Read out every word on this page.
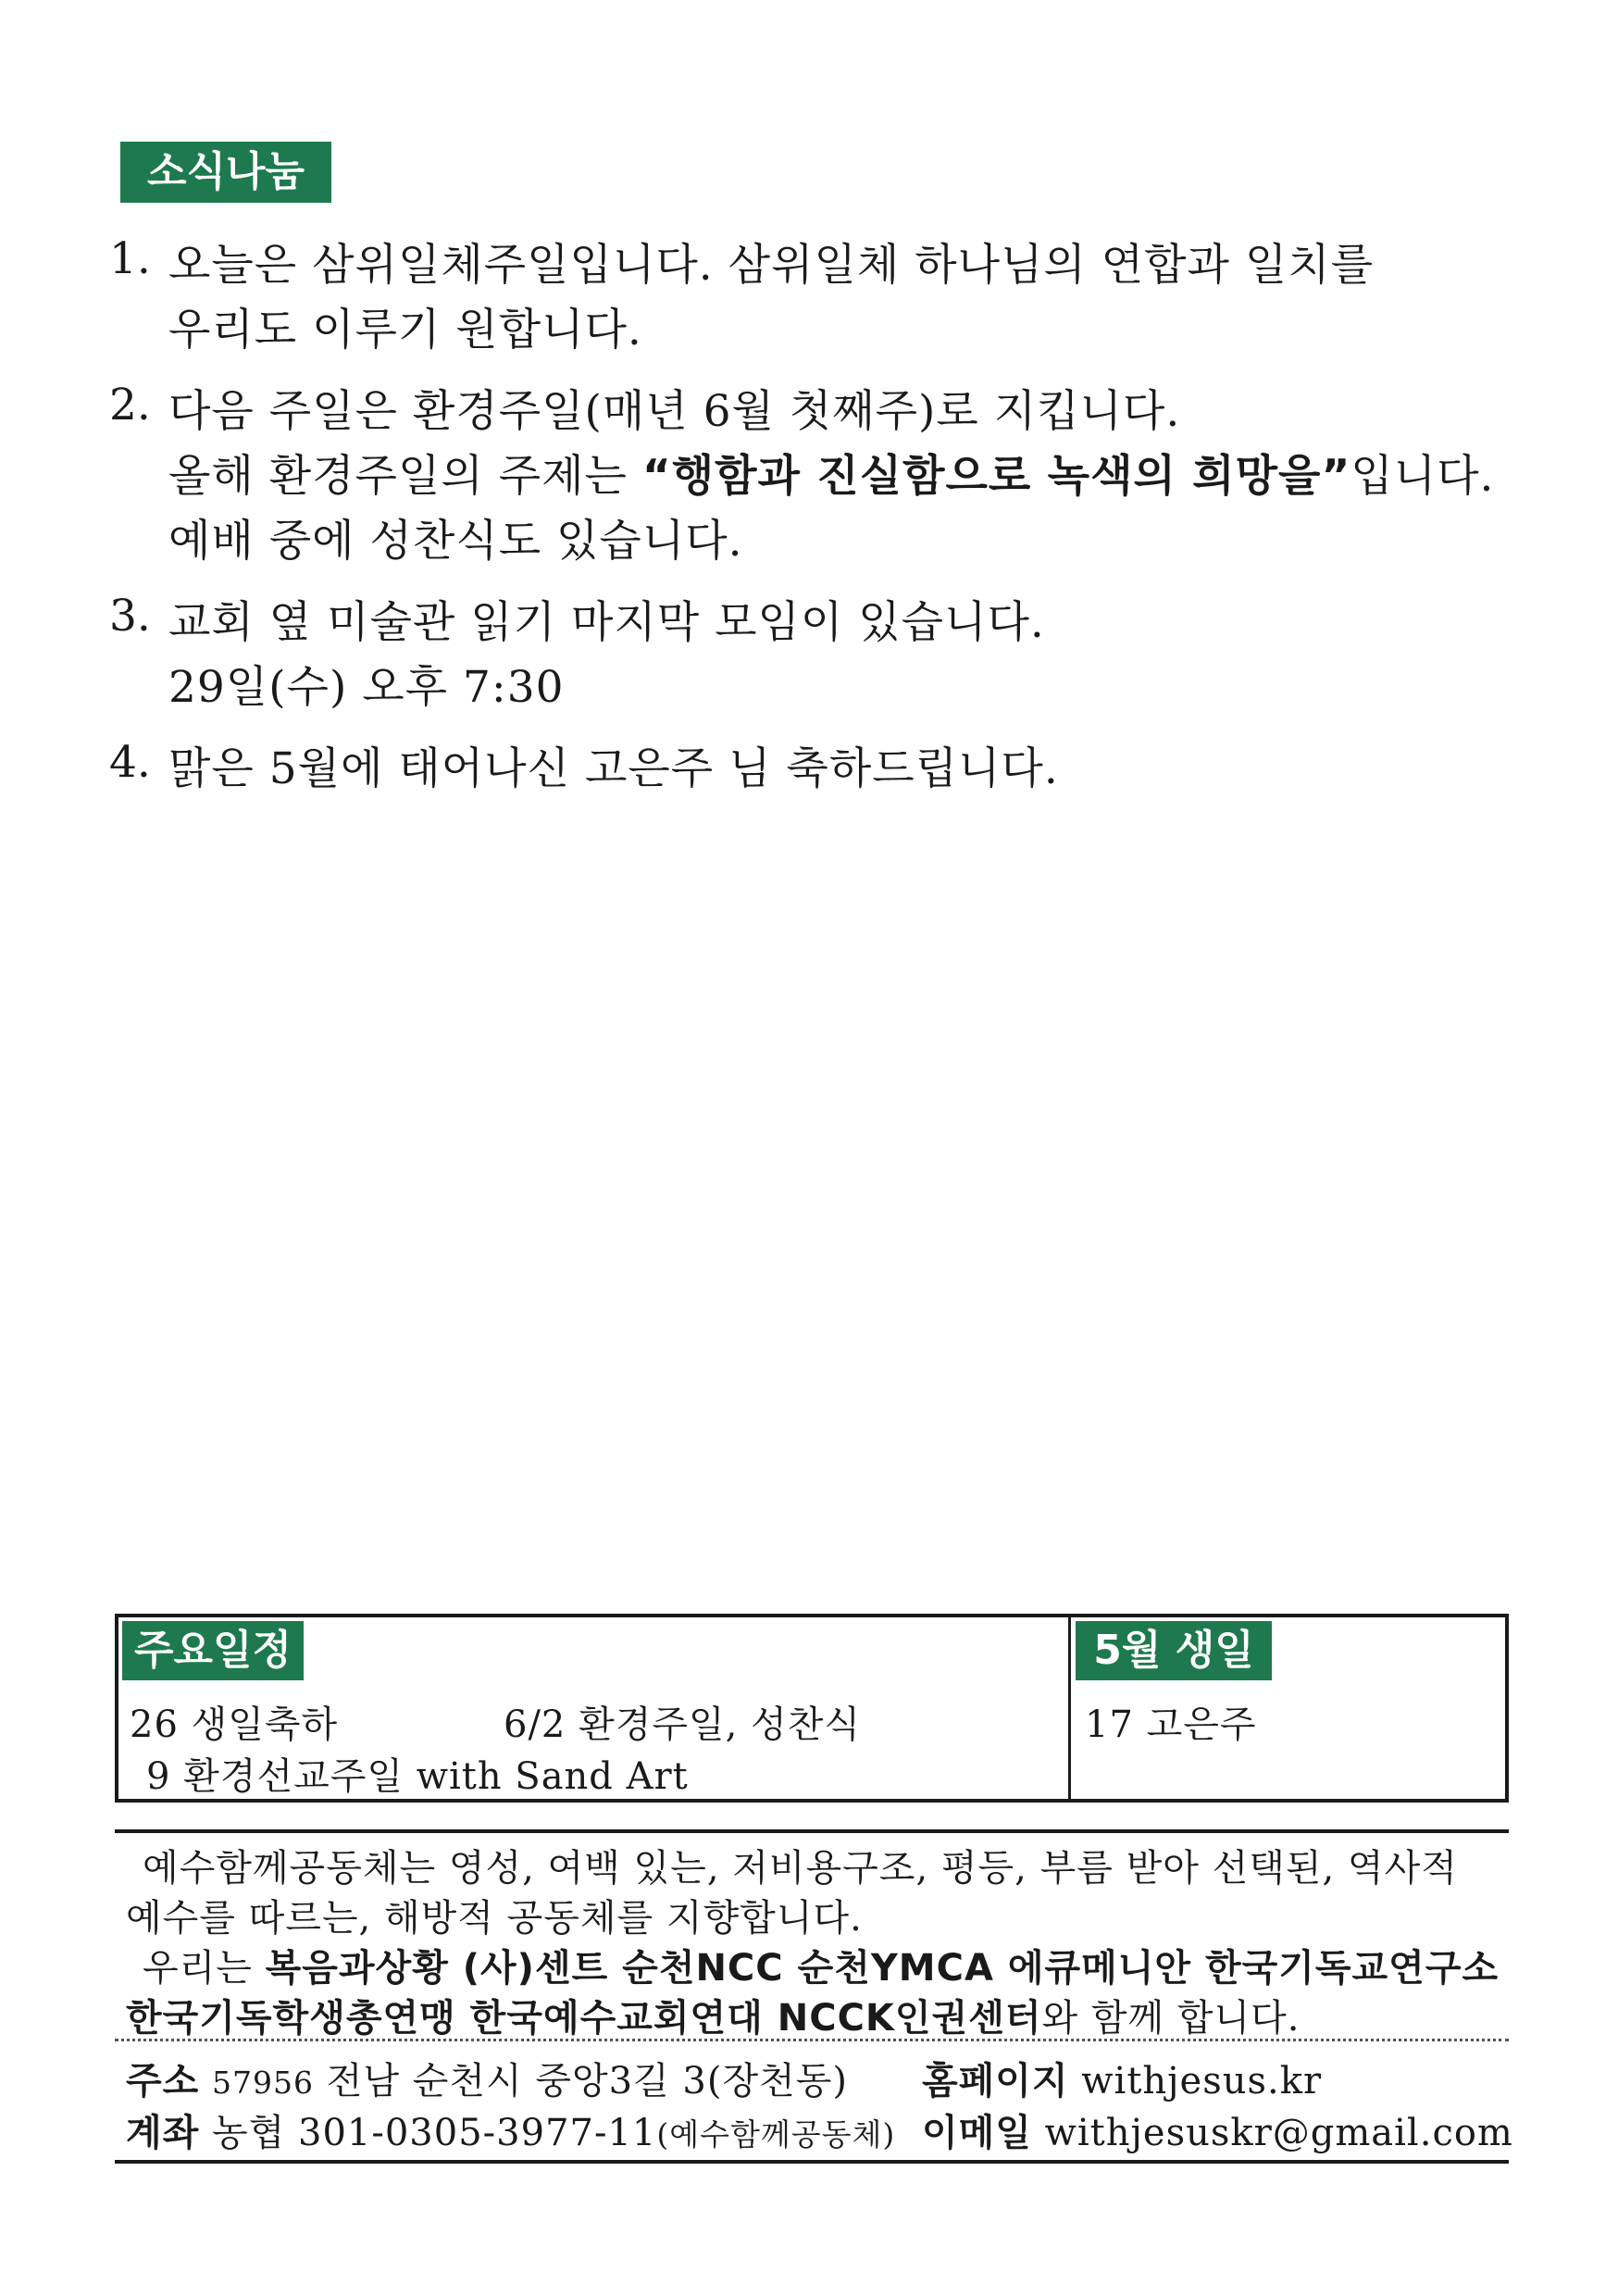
소식나눔
1. 오늘은 삼위일체주일입니다. 삼위일체 하나님의 연합과 일치를
우리도 이루기 원합니다.
2. 다음 주일은 환경주일(매년 6월 첫째주)로 지킵니다.
올해 환경주일의 주제는 “행함과 진실함으로 녹색의 희망을”입니다.
예배 중에 성찬식도 있습니다.
3. 교회 옆 미술관 읽기 마지막 모임이 있습니다.
29일(수) 오후 7:30
4. 맑은 5월에 태어나신 고은주 님 축하드립니다.
주요일정	5월 생일
26 생일축하	6/2 환경주일, 성찬식
9 환경선교주일 with Sand Art
17 고은주
예수함께공동체는 영성, 여백 있는, 저비용구조, 평등, 부름 받아 선택된, 역사적
예수를 따르는, 해방적 공동체를 지향합니다.
우리는 복음과상황 (사)센트 순천NCC 순천YMCA 에큐메니안 한국기독교연구소
한국기독학생총연맹 한국예수교회연대 NCCK인권센터와 함께 합니다.
주소 57956 전남 순천시 중앙3길 3(장천동) 홈페이지 withjesus.kr
계좌 농협 301-0305-3977-11(예수함께공동체) 이메일 withjesuskr@gmail.com
